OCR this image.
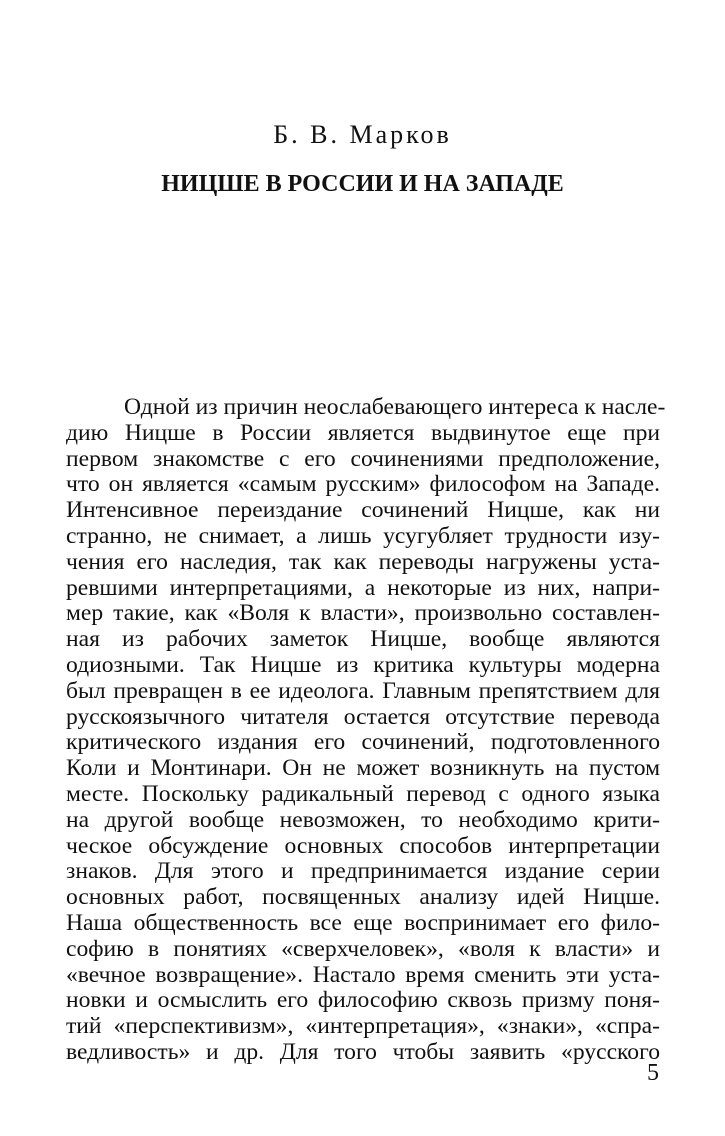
Б. В. Марков
НИЦШЕ В РОССИИ И НА ЗАПАДЕ
Одной из причин неослабевающего интереса к насле-
дию Ницше в России является выдвинутое еще при
первом знакомстве с его сочинениями предположение,
что он является «самым русским» философом на Западе.
Интенсивное переиздание сочинений Ницше, как ни
странно, не снимает, а лишь усугубляет трудности изу-
чения его наследия, так как переводы нагружены уста-
ревшими интерпретациями, а некоторые из них, напри-
мер такие, как «Воля к власти», произвольно составлен-
ная из рабочих заметок Ницше, вообще являются
одиозными. Так Ницше из критика культуры модерна
был превращен в ее идеолога. Главным препятствием для
русскоязычного читателя остается отсутствие перевода
критического издания его сочинений, подготовленного
Коли и Монтинари. Он не может возникнуть на пустом
месте. Поскольку радикальный перевод с одного языка
на другой вообще невозможен, то необходимо крити-
ческое обсуждение основных способов интерпретации
знаков. Для этого и предпринимается издание серии
основных работ, посвященных анализу идей Ницше.
Наша общественность все еще воспринимает его фило-
софию в понятиях «сверхчеловек», «воля к власти» и
«вечное возвращение». Настало время сменить эти уста-
новки и осмыслить его философию сквозь призму поня-
тий «перспективизм», «интерпретация», «знаки», «спра-
ведливость» и др. Для того чтобы заявить «русского
5
